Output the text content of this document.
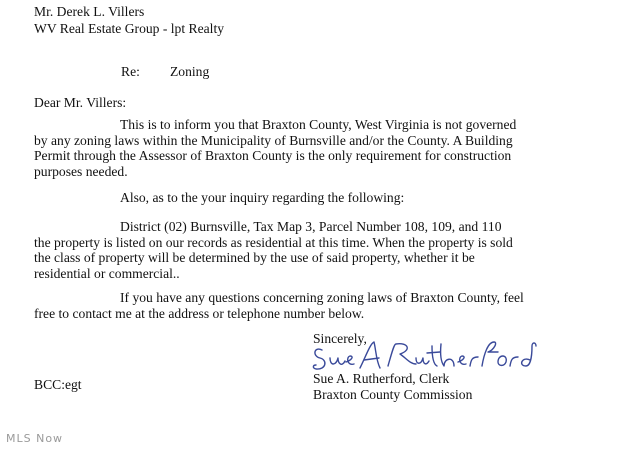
Mr. Derek L. Villers
WV Real Estate Group - lpt Realty
Re: Zoning
Dear Mr. Villers:
This is to inform you that Braxton County, West Virginia is not governed
by any zoning laws within the Municipality of Burnsville and/or the County. A Building
Permit through the Assessor of Braxton County is the only requirement for construction
purposes needed.
Also, as to the your inquiry regarding the following:
District (02) Burnsville, Tax Map 3, Parcel Number 108, 109, and 110
the property is listed on our records as residential at this time. When the property is sold
the class of property will be determined by the use of said property, whether it be
residential or commercial..
If you have any questions concerning zoning laws of Braxton County, feel
free to contact me at the address or telephone number below.
Sincerely,
Sue A. Rutherford, Clerk
Braxton County Commission
BCC:egt
MLS Now
